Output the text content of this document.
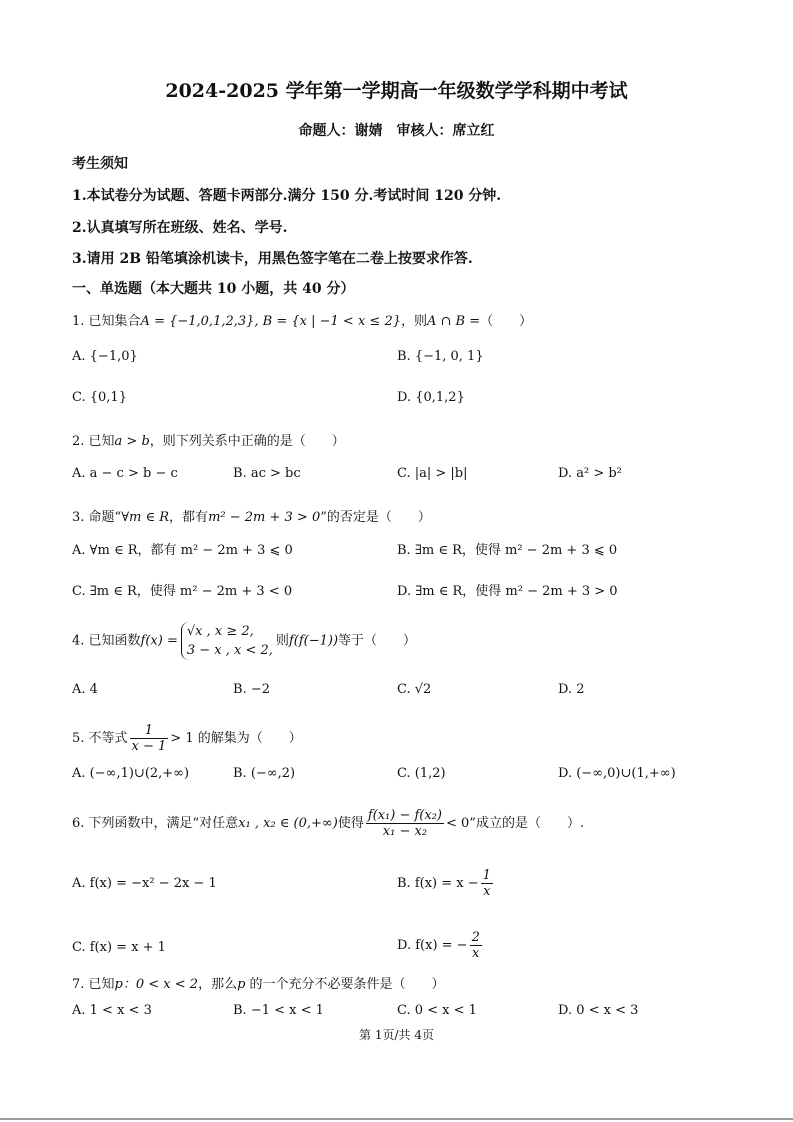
2024-2025 学年第一学期高一年级数学学科期中考试
命题人：谢婧　审核人：席立红
考生须知
1.本试卷分为试题、答题卡两部分.满分 150 分.考试时间 120 分钟.
2.认真填写所在班级、姓名、学号.
3.请用 2B 铅笔填涂机读卡，用黑色签字笔在二卷上按要求作答.
一、单选题（本大题共 10 小题，共 40 分）
1. 已知集合A = {−1,0,1,2,3}, B = {x | −1 < x ≤ 2}，则A ∩ B =（　　）
A. {−1,0}	B. {−1, 0, 1}
C. {0,1}	D. {0,1,2}
2. 已知a > b，则下列关系中正确的是（　　）
A. a − c > b − c	B. ac > bc	C. |a| > |b|	D. a² > b²
3. 命题“∀m ∈ R，都有m² − 2m + 3 > 0”的否定是（　　）
A. ∀m ∈ R，都有 m² − 2m + 3 ⩽ 0	B. ∃m ∈ R，使得 m² − 2m + 3 ⩽ 0
C. ∃m ∈ R，使得 m² − 2m + 3 < 0	D. ∃m ∈ R，使得 m² − 2m + 3 > 0
4. 已知函数f(x) =
√x , x ≥ 2,
3 − x , x < 2,
则f(f(−1))等于（　　）
A. 4	B. −2	C. √2	D. 2
5. 不等式 $\frac{1}{x - 1} > 1$ 的解集为（　　）
A. (−∞,1)∪(2,+∞)	B. (−∞,2)	C. (1,2)	D. (−∞,0)∪(1,+∞)
6. 下列函数中，满足“对任意x₁ , x₂ ∈ (0,+∞)使得 $\frac{\text{f(x₁) − f(x₂)}}{\text{x₁ − x₂}} < 0$”成立的是（　　）.
A. f(x) = −x² − 2x − 1	B. $f(x) = x - \frac{1}{x}$
C. f(x) = x + 1	D. f(x) = − $\frac{2}{x}$
7. 已知p：0 < x < 2，那么p 的一个充分不必要条件是（　　）
A. 1 < x < 3	B. −1 < x < 1	C. 0 < x < 1	D. 0 < x < 3
第 1页/共 4页
